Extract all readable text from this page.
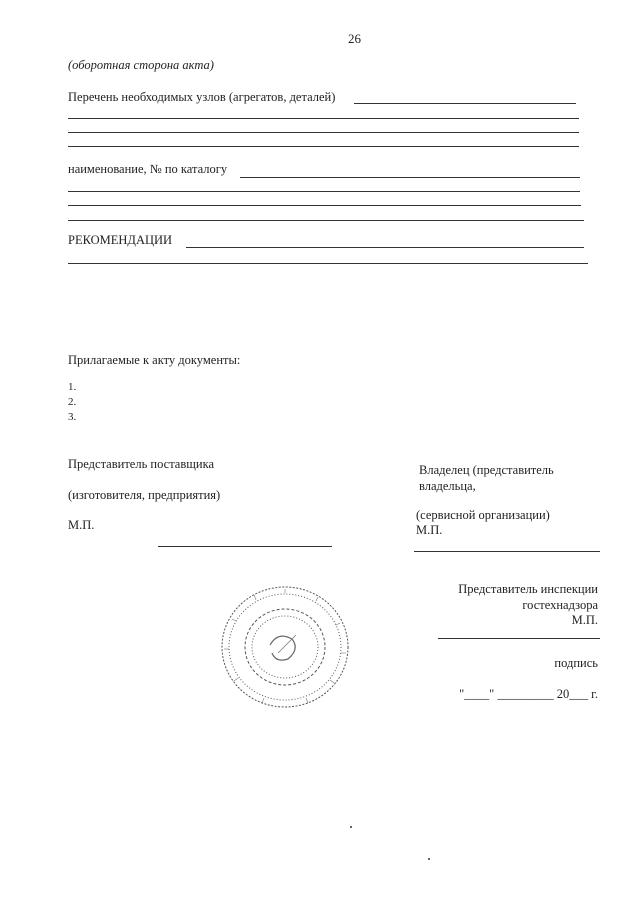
26
(оборотная сторона акта)
Перечень необходимых узлов (агрегатов, деталей)
наименование, № по каталогу
РЕКОМЕНДАЦИИ
Прилагаемые к акту документы:
1.
2.
3.
Представитель поставщика
(изготовителя, предприятия)
М.П.
Владелец (представитель
владельца,
(сервисной организации)
М.П.
Представитель инспекции
гостехнадзора
М.П.
подпись
"____" _________ 20___ г.
